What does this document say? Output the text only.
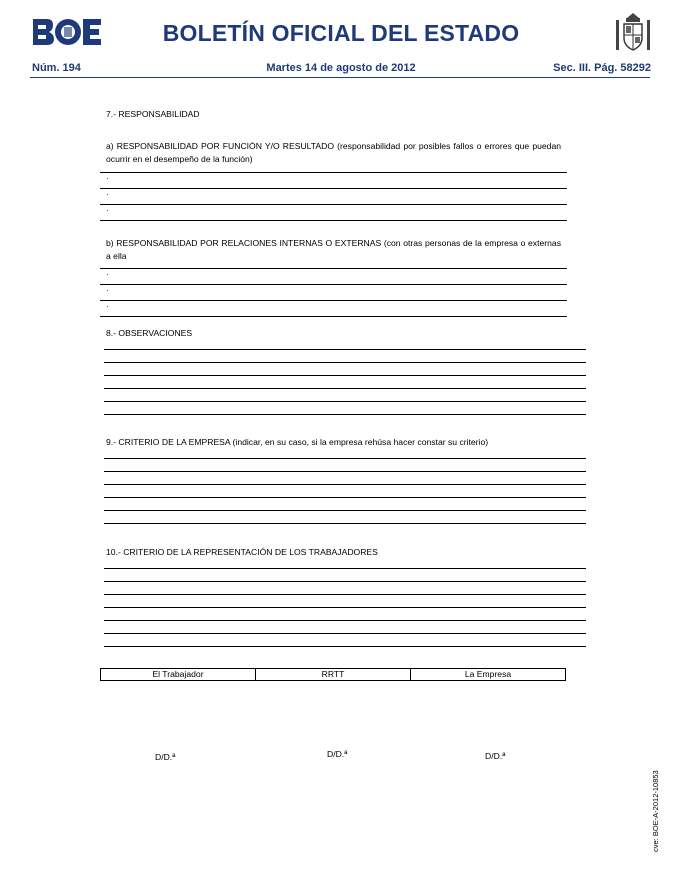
BOLETÍN OFICIAL DEL ESTADO
Núm. 194	Martes 14 de agosto de 2012	Sec. III. Pág. 58292
7.- RESPONSABILIDAD
a) RESPONSABILIDAD POR FUNCIÓN Y/O RESULTADO (responsabilidad por posibles fallos o errores que puedan ocurrir en el desempeño de la función)
·
·
·
b) RESPONSABILIDAD POR RELACIONES INTERNAS O EXTERNAS (con otras personas de la empresa o externas a ella
·
·
·
8.- OBSERVACIONES
9.- CRITERIO DE LA EMPRESA (indicar, en su caso, si la empresa rehúsa hacer constar su criterio)
10.- CRITERIO DE LA REPRESENTACIÓN DE LOS TRABAJADORES
El Trabajador	RRTT	La Empresa
D/D.ª	D/D.ª	D/D.ª
cve: BOE-A-2012-10853
